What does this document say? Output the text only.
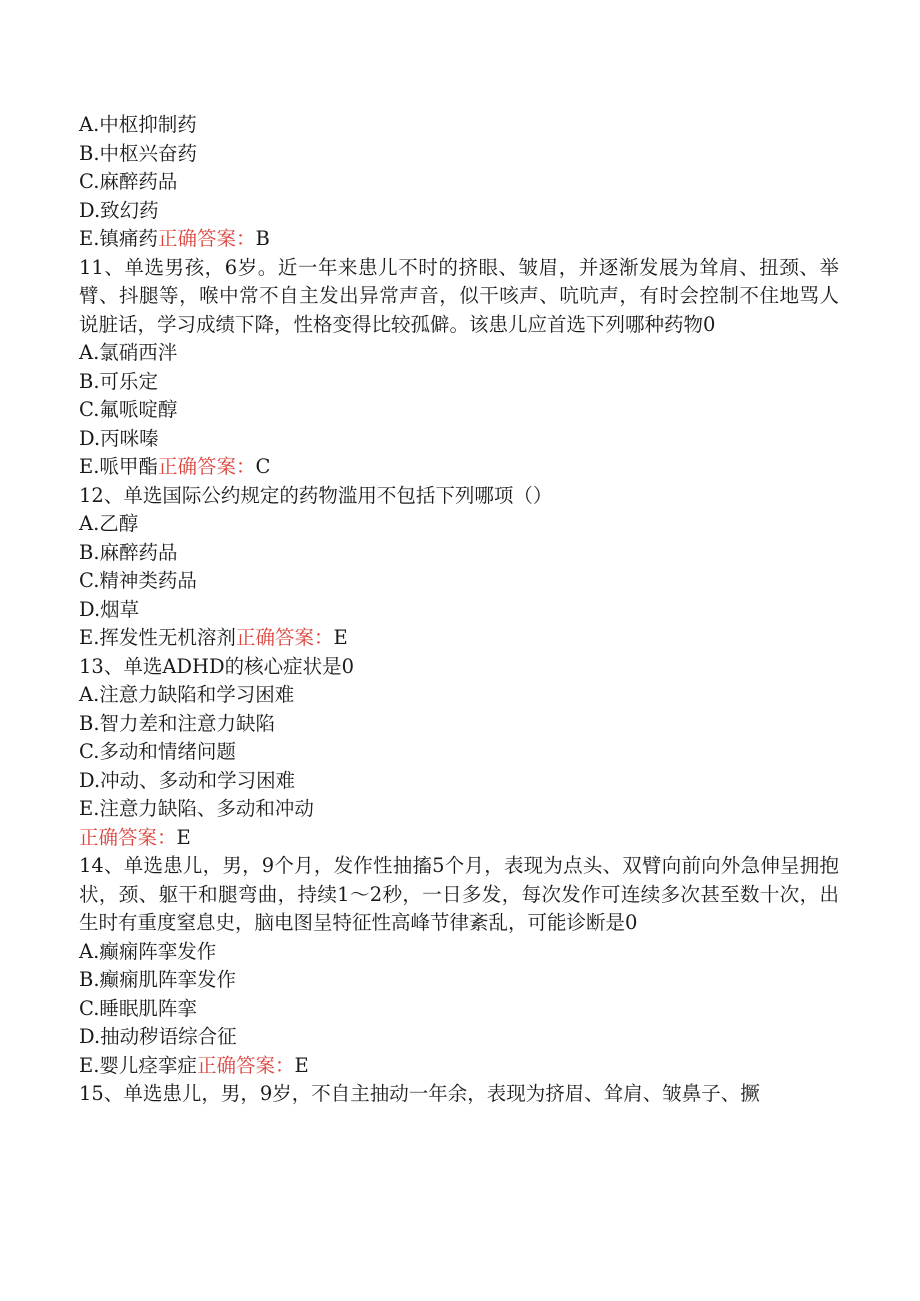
A.中枢抑制药
B.中枢兴奋药
C.麻醉药品
D.致幻药
E.镇痛药正确答案：B
11、单选男孩，6岁。近一年来患儿不时的挤眼、皱眉，并逐渐发展为耸肩、扭颈、举臂、抖腿等，喉中常不自主发出异常声音，似干咳声、吭吭声，有时会控制不住地骂人说脏话，学习成绩下降，性格变得比较孤僻。该患儿应首选下列哪种药物0
A.氯硝西泮
B.可乐定
C.氟哌啶醇
D.丙咪嗪
E.哌甲酯正确答案：C
12、单选国际公约规定的药物滥用不包括下列哪项（）
A.乙醇
B.麻醉药品
C.精神类药品
D.烟草
E.挥发性无机溶剂正确答案：E
13、单选ADHD的核心症状是0
A.注意力缺陷和学习困难
B.智力差和注意力缺陷
C.多动和情绪问题
D.冲动、多动和学习困难
E.注意力缺陷、多动和冲动
正确答案：E
14、单选患儿，男，9个月，发作性抽搐5个月，表现为点头、双臂向前向外急伸呈拥抱状，颈、躯干和腿弯曲，持续1～2秒，一日多发，每次发作可连续多次甚至数十次，出生时有重度窒息史，脑电图呈特征性高峰节律紊乱，可能诊断是0
A.癫痫阵挛发作
B.癫痫肌阵挛发作
C.睡眠肌阵挛
D.抽动秽语综合征
E.婴儿痉挛症正确答案：E
15、单选患儿，男，9岁，不自主抽动一年余，表现为挤眉、耸肩、皱鼻子、撅
